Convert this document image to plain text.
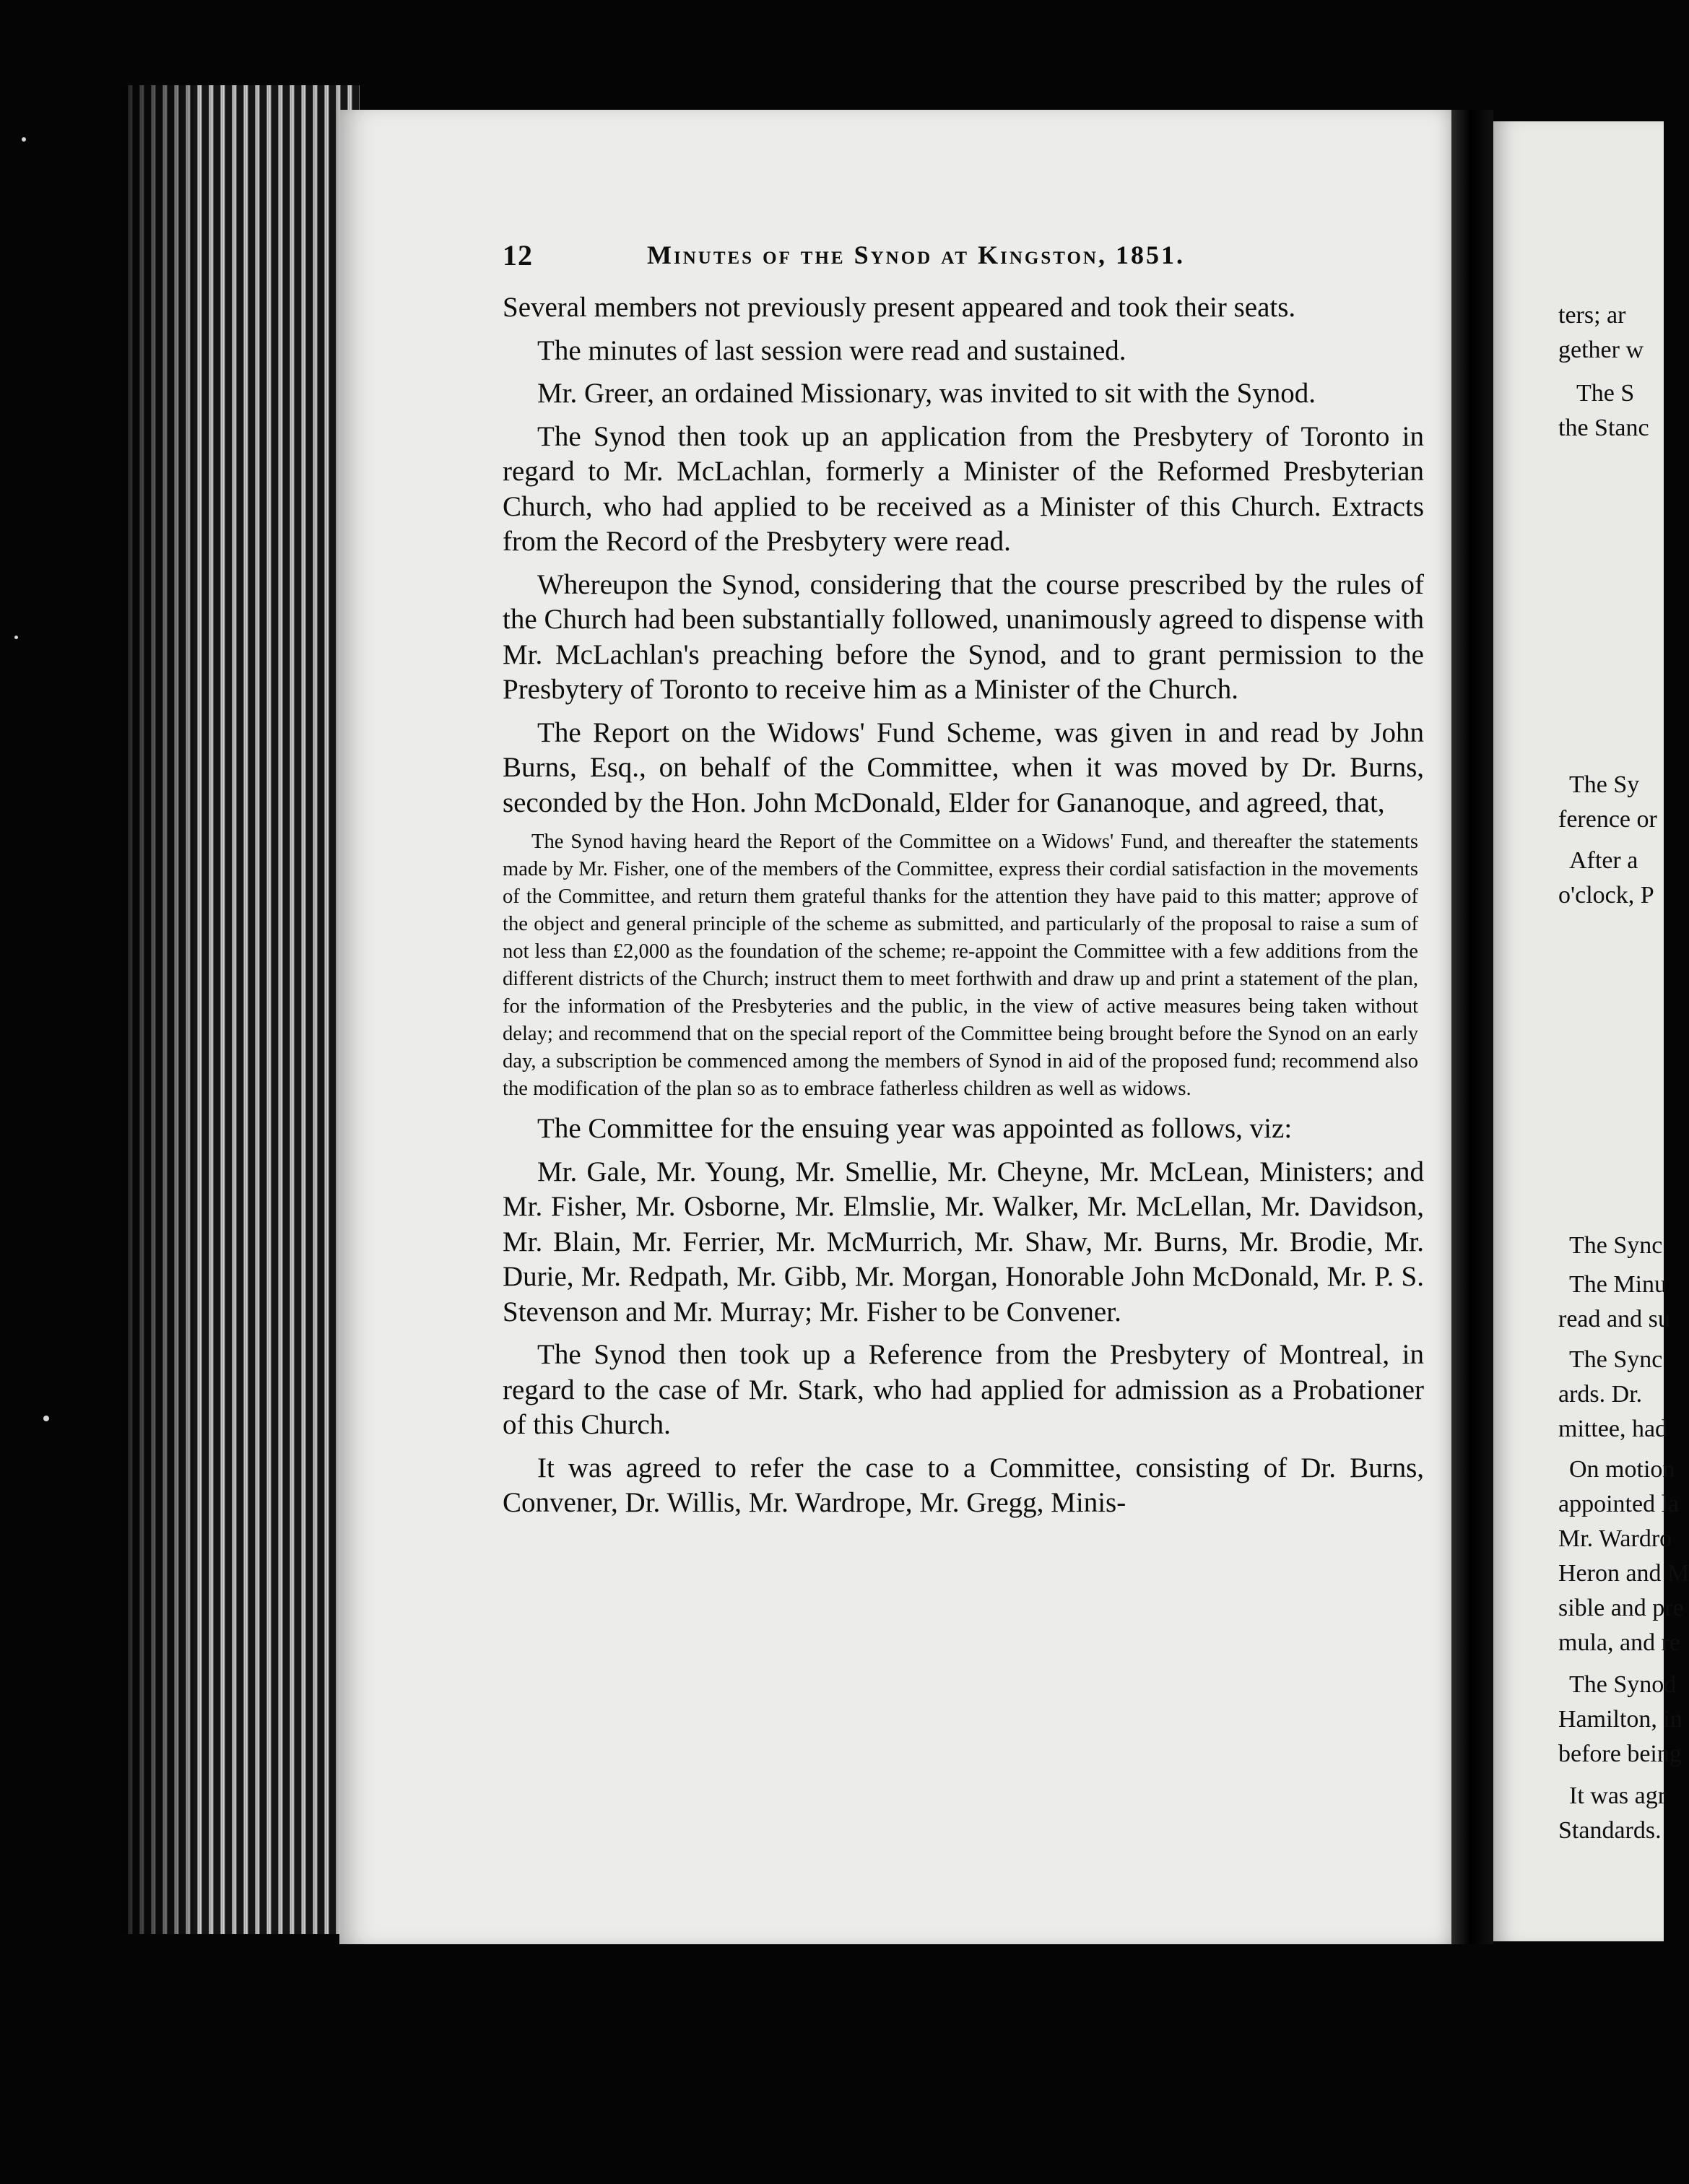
12	Minutes of the Synod at Kingston, 1851.

Several members not previously present appeared and took their seats.

The minutes of last session were read and sustained.

Mr. Greer, an ordained Missionary, was invited to sit with the Synod.

The Synod then took up an application from the Presbytery of Toronto in regard to Mr. McLachlan, formerly a Minister of the Reformed Presbyterian Church, who had applied to be received as a Minister of this Church. Extracts from the Record of the Presbytery were read.

Whereupon the Synod, considering that the course prescribed by the rules of the Church had been substantially followed, unanimously agreed to dispense with Mr. McLachlan's preaching before the Synod, and to grant permission to the Presbytery of Toronto to receive him as a Minister of the Church.

The Report on the Widows' Fund Scheme, was given in and read by John Burns, Esq., on behalf of the Committee, when it was moved by Dr. Burns, seconded by the Hon. John McDonald, Elder for Gananoque, and agreed, that,

The Synod having heard the Report of the Committee on a Widows' Fund, and thereafter the statements made by Mr. Fisher, one of the members of the Committee, express their cordial satisfaction in the movements of the Committee, and return them grateful thanks for the attention they have paid to this matter; approve of the object and general principle of the scheme as submitted, and particularly of the proposal to raise a sum of not less than £2,000 as the foundation of the scheme; re-appoint the Committee with a few additions from the different districts of the Church; instruct them to meet forthwith and draw up and print a statement of the plan, for the information of the Presbyteries and the public, in the view of active measures being taken without delay; and recommend that on the special report of the Committee being brought before the Synod on an early day, a subscription be commenced among the members of Synod in aid of the proposed fund; recommend also the modification of the plan so as to embrace fatherless children as well as widows.

The Committee for the ensuing year was appointed as follows, viz:

Mr. Gale, Mr. Young, Mr. Smellie, Mr. Cheyne, Mr. McLean, Ministers; and Mr. Fisher, Mr. Osborne, Mr. Elmslie, Mr. Walker, Mr. McLellan, Mr. Davidson, Mr. Blain, Mr. Ferrier, Mr. McMurrich, Mr. Shaw, Mr. Burns, Mr. Brodie, Mr. Durie, Mr. Redpath, Mr. Gibb, Mr. Morgan, Honorable John McDonald, Mr. P. S. Stevenson and Mr. Murray; Mr. Fisher to be Convener.

The Synod then took up a Reference from the Presbytery of Montreal, in regard to the case of Mr. Stark, who had applied for admission as a Probationer of this Church.

It was agreed to refer the case to a Committee, consisting of Dr. Burns, Convener, Dr. Willis, Mr. Wardrope, Mr. Gregg, Minis-

ters; ar
gether w
The S
the Stanc
The Sy
ference or
After a
o'clock, P
The Sync
The Minu
read and su
The Sync
ards. Dr.
mittee, had
On motion
appointed la
Mr. Wardro
Heron and M
sible and pre
mula, and re
The Synod
Hamilton, in
before being
It was agr
Standards.
